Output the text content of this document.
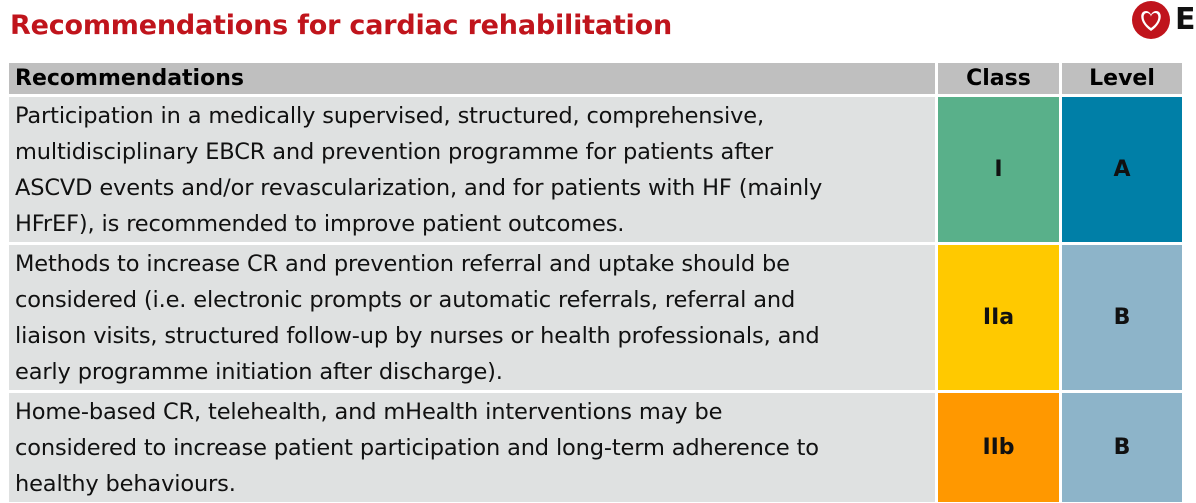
Recommendations for cardiac rehabilitation	E
Recommendations	Class	Level

Participation in a medically supervised, structured, comprehensive,
multidisciplinary EBCR and prevention programme for patients after
ASCVD events and/or revascularization, and for patients with HF (mainly
HFrEF), is recommended to improve patient outcomes.	I	A

Methods to increase CR and prevention referral and uptake should be
considered (i.e. electronic prompts or automatic referrals, referral and
liaison visits, structured follow-up by nurses or health professionals, and
early programme initiation after discharge).	IIa	B

Home-based CR, telehealth, and mHealth interventions may be
considered to increase patient participation and long-term adherence to
healthy behaviours.	IIb	B
